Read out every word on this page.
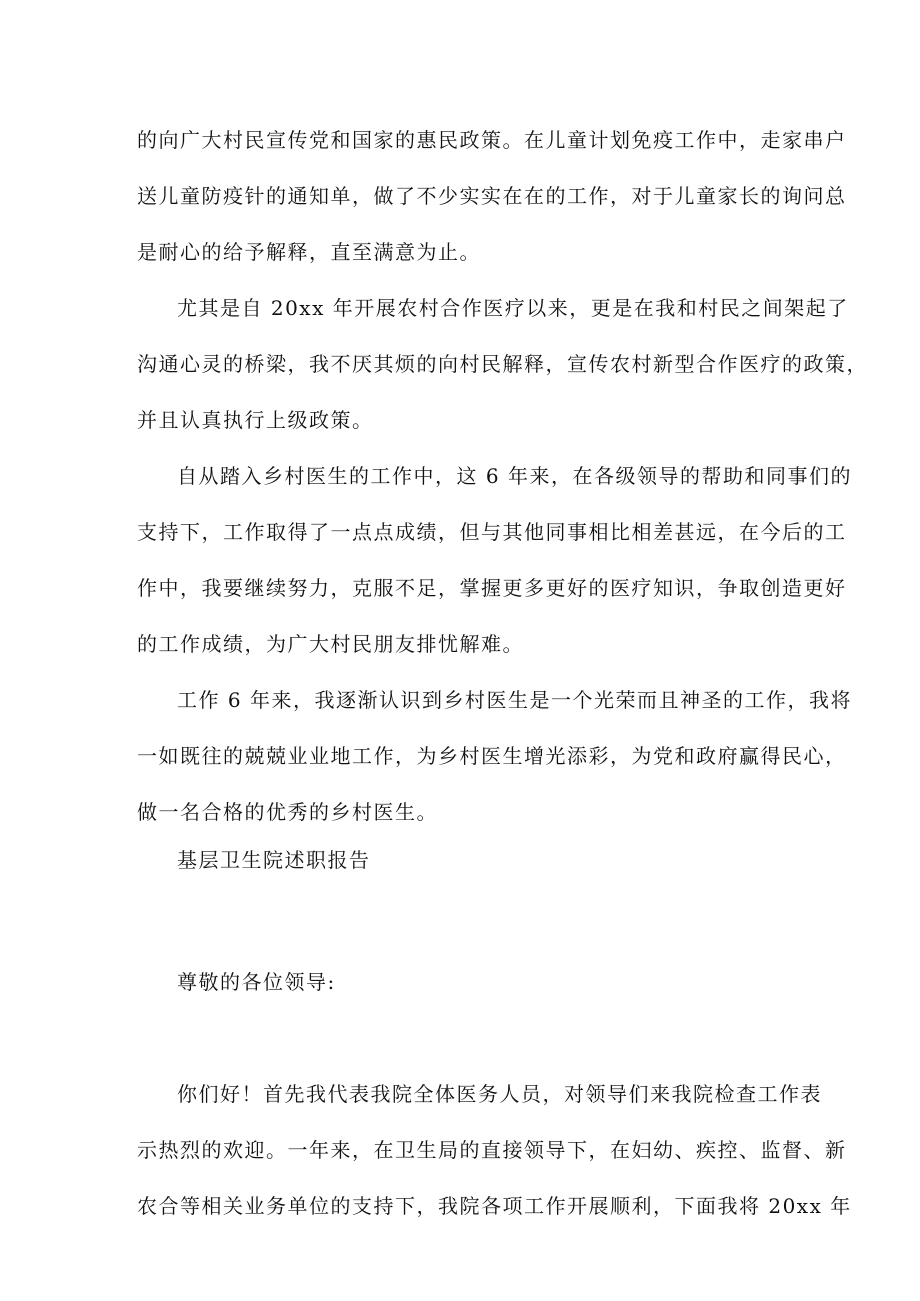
的向广大村民宣传党和国家的惠民政策。在儿童计划免疫工作中，走家串户
送儿童防疫针的通知单，做了不少实实在在的工作，对于儿童家长的询问总
是耐心的给予解释，直至满意为止。
尤其是自 20xx 年开展农村合作医疗以来，更是在我和村民之间架起了
沟通心灵的桥梁，我不厌其烦的向村民解释，宣传农村新型合作医疗的政策，
并且认真执行上级政策。
自从踏入乡村医生的工作中，这 6 年来，在各级领导的帮助和同事们的
支持下，工作取得了一点点成绩，但与其他同事相比相差甚远，在今后的工
作中，我要继续努力，克服不足，掌握更多更好的医疗知识，争取创造更好
的工作成绩，为广大村民朋友排忧解难。
工作 6 年来，我逐渐认识到乡村医生是一个光荣而且神圣的工作，我将
一如既往的兢兢业业地工作，为乡村医生增光添彩，为党和政府赢得民心，
做一名合格的优秀的乡村医生。
基层卫生院述职报告
尊敬的各位领导:
你们好！首先我代表我院全体医务人员，对领导们来我院检查工作表
示热烈的欢迎。一年来，在卫生局的直接领导下，在妇幼、疾控、监督、新
农合等相关业务单位的支持下，我院各项工作开展顺利，下面我将 20xx 年
